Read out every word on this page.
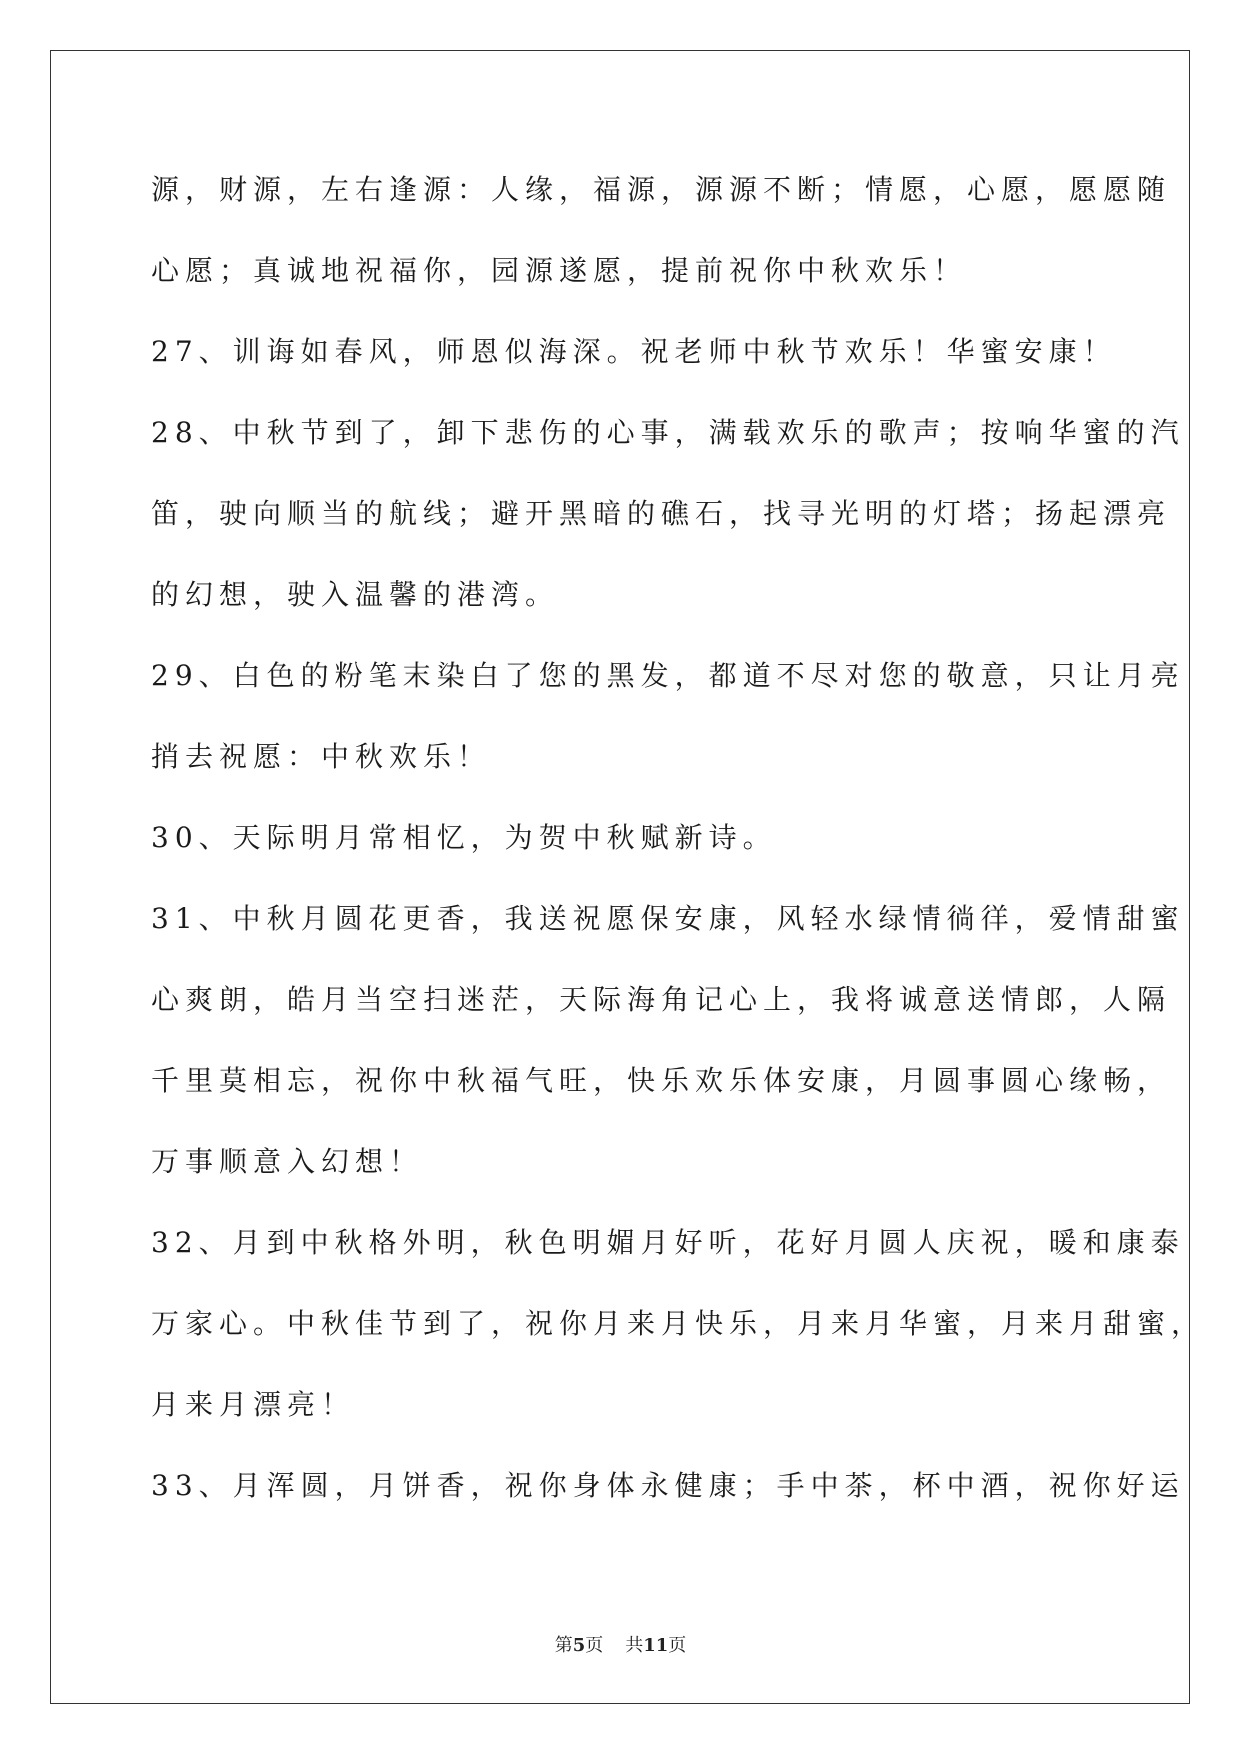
源，财源，左右逢源：人缘，福源，源源不断；情愿，心愿，愿愿随
心愿；真诚地祝福你，园源遂愿，提前祝你中秋欢乐！
27、训诲如春风，师恩似海深。祝老师中秋节欢乐！华蜜安康！
28、中秋节到了，卸下悲伤的心事，满载欢乐的歌声；按响华蜜的汽
笛，驶向顺当的航线；避开黑暗的礁石，找寻光明的灯塔；扬起漂亮
的幻想，驶入温馨的港湾。
29、白色的粉笔末染白了您的黑发，都道不尽对您的敬意，只让月亮
捎去祝愿：中秋欢乐！
30、天际明月常相忆，为贺中秋赋新诗。
31、中秋月圆花更香，我送祝愿保安康，风轻水绿情徜徉，爱情甜蜜
心爽朗，皓月当空扫迷茫，天际海角记心上，我将诚意送情郎，人隔
千里莫相忘，祝你中秋福气旺，快乐欢乐体安康，月圆事圆心缘畅，
万事顺意入幻想！
32、月到中秋格外明，秋色明媚月好听，花好月圆人庆祝，暖和康泰
万家心。中秋佳节到了，祝你月来月快乐，月来月华蜜，月来月甜蜜，
月来月漂亮！
33、月浑圆，月饼香，祝你身体永健康；手中茶，杯中酒，祝你好运
第5页 共11页
